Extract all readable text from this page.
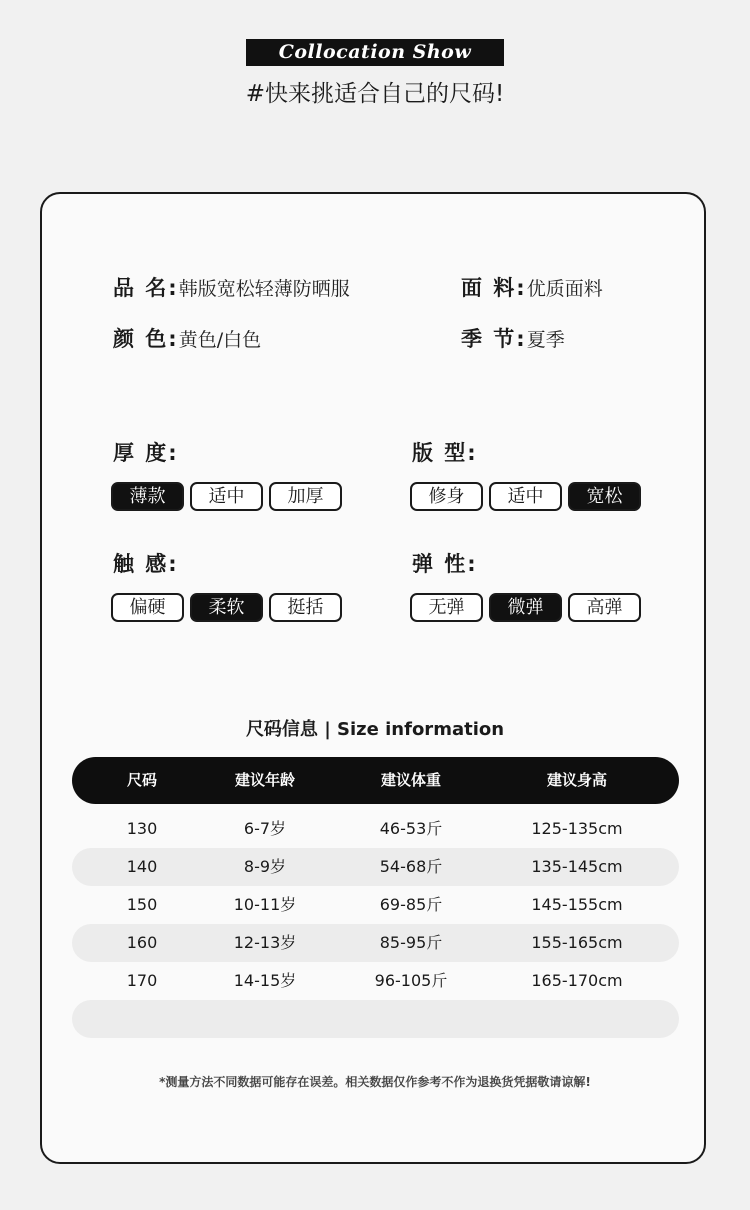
Collocation Show
#快来挑适合自己的尺码!
品 名:韩版宽松轻薄防晒服	面 料:优质面料
颜 色:黄色/白色	季 节:夏季
厚 度:
薄款	适中	加厚
版 型:
修身	适中	宽松
触 感:
偏硬	柔软	挺括
弹 性:
无弹	微弹	高弹
尺码信息 | Size information
尺码	建议年龄	建议体重	建议身高
130	6-7岁	46-53斤	125-135cm
140	8-9岁	54-68斤	135-145cm
150	10-11岁	69-85斤	145-155cm
160	12-13岁	85-95斤	155-165cm
170	14-15岁	96-105斤	165-170cm
*测量方法不同数据可能存在误差。相关数据仅作参考不作为退换货凭据敬请谅解!
